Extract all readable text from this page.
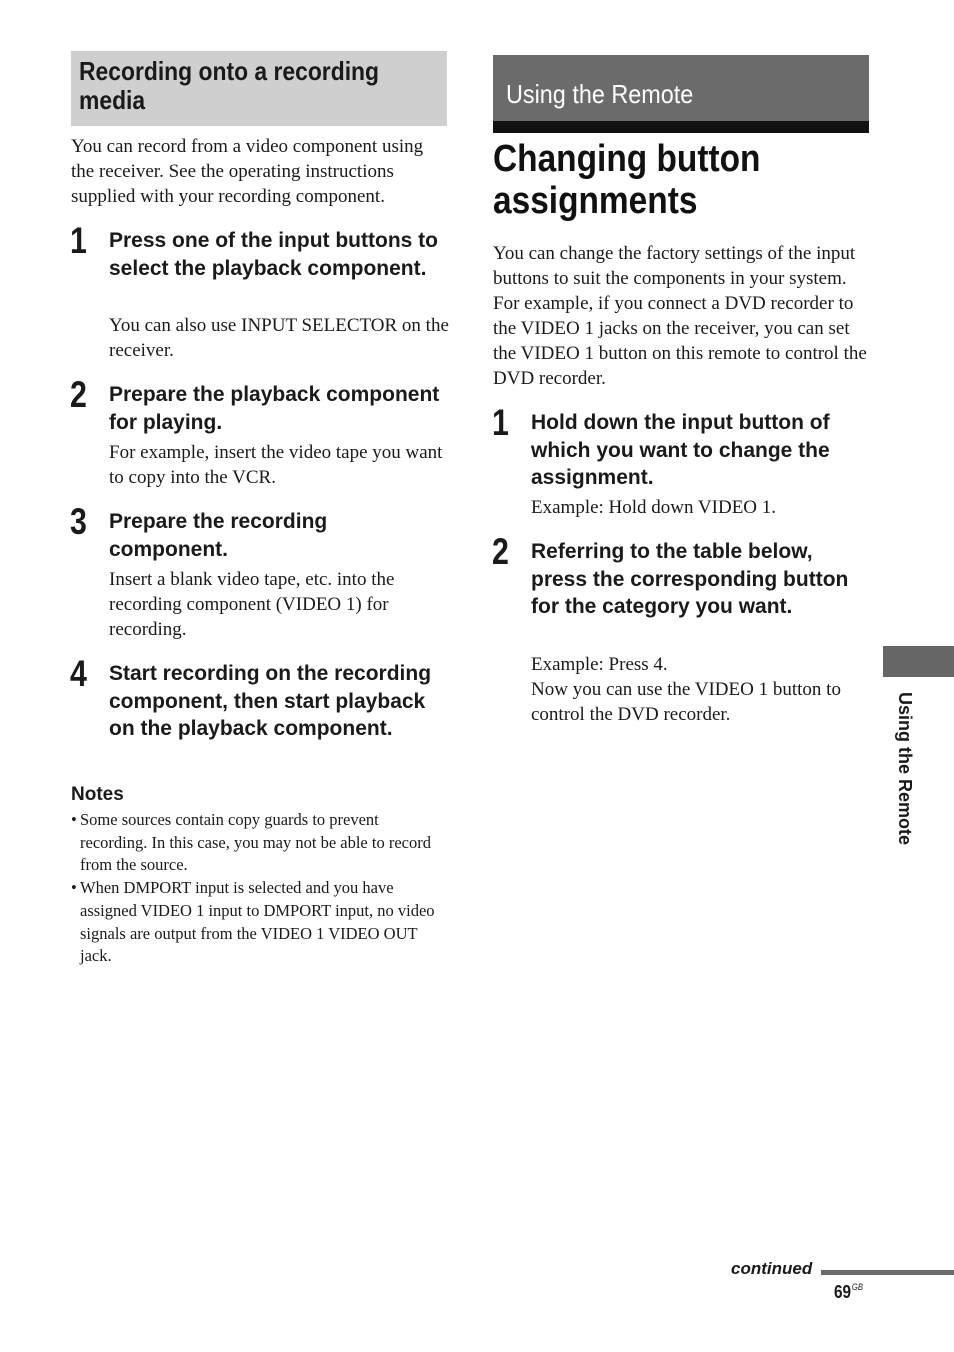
Recording onto a recording media

You can record from a video component using the receiver. See the operating instructions supplied with your recording component.

1 Press one of the input buttons to select the playback component.

You can also use INPUT SELECTOR on the receiver.

2 Prepare the playback component for playing.

For example, insert the video tape you want to copy into the VCR.

3 Prepare the recording component.

Insert a blank video tape, etc. into the recording component (VIDEO 1) for recording.

4 Start recording on the recording component, then start playback on the playback component.

Notes
• Some sources contain copy guards to prevent recording. In this case, you may not be able to record from the source.
• When DMPORT input is selected and you have assigned VIDEO 1 input to DMPORT input, no video signals are output from the VIDEO 1 VIDEO OUT jack.
Using the Remote
Changing button assignments

You can change the factory settings of the input buttons to suit the components in your system. For example, if you connect a DVD recorder to the VIDEO 1 jacks on the receiver, you can set the VIDEO 1 button on this remote to control the DVD recorder.

1 Hold down the input button of which you want to change the assignment.

Example: Hold down VIDEO 1.

2 Referring to the table below, press the corresponding button for the category you want.

Example: Press 4.

Now you can use the VIDEO 1 button to control the DVD recorder.	Using the Remote
continued
$69^{GB}$
